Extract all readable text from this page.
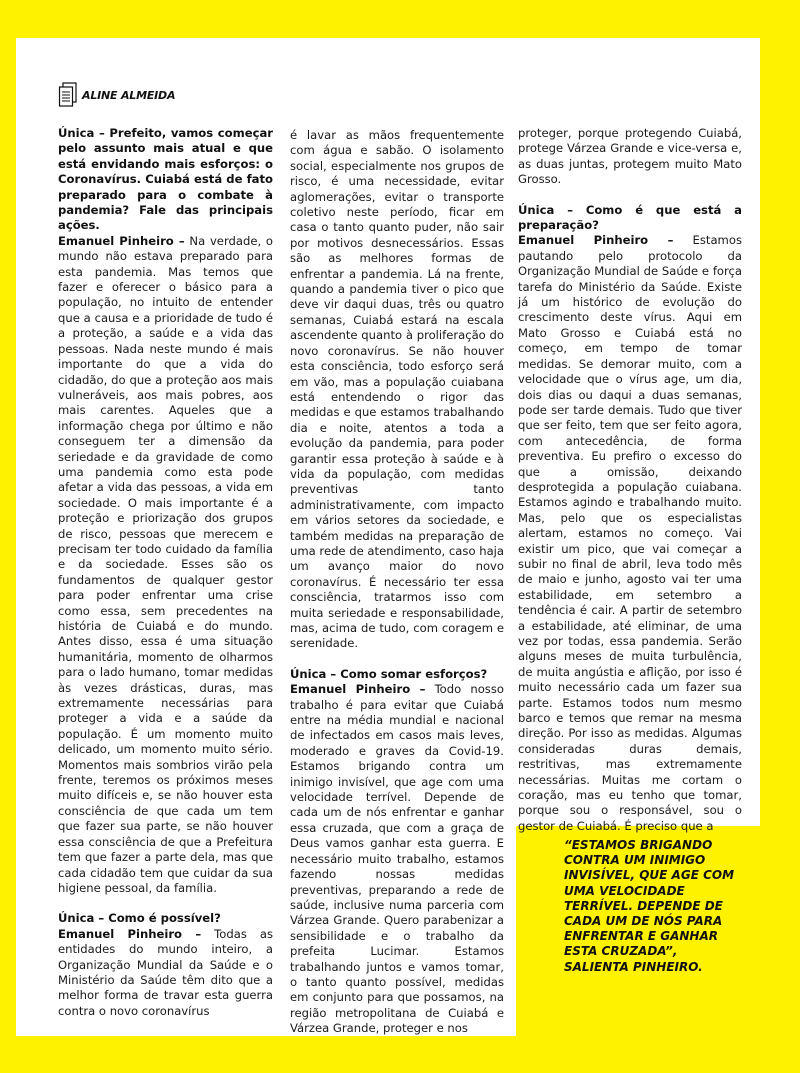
ALINE ALMEIDA

Única – Prefeito, vamos começar pelo assunto mais atual e que está envidando mais esforços: o Coronavírus. Cuiabá está de fato preparado para o combate à pandemia? Fale das principais ações.

Emanuel Pinheiro – Na verdade, o mundo não estava preparado para esta pandemia. Mas temos que fazer e oferecer o básico para a população, no intuito de entender que a causa e a prioridade de tudo é a proteção, a saúde e a vida das pessoas. Nada neste mundo é mais importante do que a vida do cidadão, do que a proteção aos mais vulneráveis, aos mais pobres, aos mais carentes. Aqueles que a informação chega por último e não conseguem ter a dimensão da seriedade e da gravidade de como uma pandemia como esta pode afetar a vida das pessoas, a vida em sociedade. O mais importante é a proteção e priorização dos grupos de risco, pessoas que merecem e precisam ter todo cuidado da família e da sociedade. Esses são os fundamentos de qualquer gestor para poder enfrentar uma crise como essa, sem precedentes na história de Cuiabá e do mundo. Antes disso, essa é uma situação humanitária, momento de olharmos para o lado humano, tomar medidas às vezes drásticas, duras, mas extremamente necessárias para proteger a vida e a saúde da população. É um momento muito delicado, um momento muito sério. Momentos mais sombrios virão pela frente, teremos os próximos meses muito difíceis e, se não houver esta consciência de que cada um tem que fazer sua parte, se não houver essa consciência de que a Prefeitura tem que fazer a parte dela, mas que cada cidadão tem que cuidar da sua higiene pessoal, da família.

Única – Como é possível?

Emanuel Pinheiro – Todas as entidades do mundo inteiro, a Organização Mundial da Saúde e o Ministério da Saúde têm dito que a melhor forma de travar esta guerra contra o novo coronavírus

é lavar as mãos frequentemente com água e sabão. O isolamento social, especialmente nos grupos de risco, é uma necessidade, evitar aglomerações, evitar o transporte coletivo neste período, ficar em casa o tanto quanto puder, não sair por motivos desnecessários. Essas são as melhores formas de enfrentar a pandemia. Lá na frente, quando a pandemia tiver o pico que deve vir daqui duas, três ou quatro semanas, Cuiabá estará na escala ascendente quanto à proliferação do novo coronavírus. Se não houver esta consciência, todo esforço será em vão, mas a população cuiabana está entendendo o rigor das medidas e que estamos trabalhando dia e noite, atentos a toda a evolução da pandemia, para poder garantir essa proteção à saúde e à vida da população, com medidas preventivas tanto administrativamente, com impacto em vários setores da sociedade, e também medidas na preparação de uma rede de atendimento, caso haja um avanço maior do novo coronavírus. É necessário ter essa consciência, tratarmos isso com muita seriedade e responsabilidade, mas, acima de tudo, com coragem e serenidade.

Única – Como somar esforços?

Emanuel Pinheiro – Todo nosso trabalho é para evitar que Cuiabá entre na média mundial e nacional de infectados em casos mais leves, moderado e graves da Covid-19. Estamos brigando contra um inimigo invisível, que age com uma velocidade terrível. Depende de cada um de nós enfrentar e ganhar essa cruzada, que com a graça de Deus vamos ganhar esta guerra. E necessário muito trabalho, estamos fazendo nossas medidas preventivas, preparando a rede de saúde, inclusive numa parceria com Várzea Grande. Quero parabenizar a sensibilidade e o trabalho da prefeita Lucimar. Estamos trabalhando juntos e vamos tomar, o tanto quanto possível, medidas em conjunto para que possamos, na região metropolitana de Cuiabá e Várzea Grande, proteger e nos

proteger, porque protegendo Cuiabá, protege Várzea Grande e vice-versa e, as duas juntas, protegem muito Mato Grosso.

Única – Como é que está a preparação?

Emanuel Pinheiro – Estamos pautando pelo protocolo da Organização Mundial de Saúde e força tarefa do Ministério da Saúde. Existe já um histórico de evolução do crescimento deste vírus. Aqui em Mato Grosso e Cuiabá está no começo, em tempo de tomar medidas. Se demorar muito, com a velocidade que o vírus age, um dia, dois dias ou daqui a duas semanas, pode ser tarde demais. Tudo que tiver que ser feito, tem que ser feito agora, com antecedência, de forma preventiva. Eu prefiro o excesso do que a omissão, deixando desprotegida a população cuiabana. Estamos agindo e trabalhando muito. Mas, pelo que os especialistas alertam, estamos no começo. Vai existir um pico, que vai começar a subir no final de abril, leva todo mês de maio e junho, agosto vai ter uma estabilidade, em setembro a tendência é cair. A partir de setembro a estabilidade, até eliminar, de uma vez por todas, essa pandemia. Serão alguns meses de muita turbulência, de muita angústia e aflição, por isso é muito necessário cada um fazer sua parte. Estamos todos num mesmo barco e temos que remar na mesma direção. Por isso as medidas. Algumas consideradas duras demais, restritivas, mas extremamente necessárias. Muitas me cortam o coração, mas eu tenho que tomar, porque sou o responsável, sou o gestor de Cuiabá. É preciso que a

“ESTAMOS BRIGANDO CONTRA UM INIMIGO INVISÍVEL, QUE AGE COM UMA VELOCIDADE TERRÍVEL. DEPENDE DE CADA UM DE NÓS PARA ENFRENTAR E GANHAR ESTA CRUZADA”, SALIENTA PINHEIRO.
